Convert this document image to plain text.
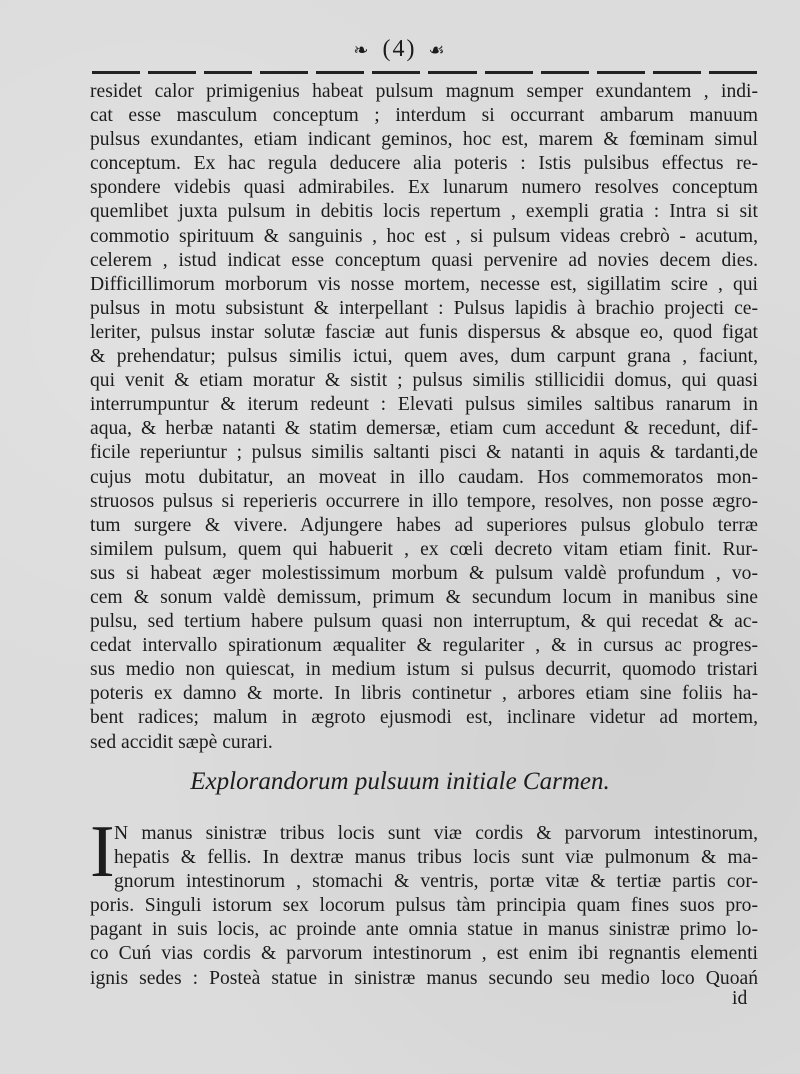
❧ (4) ☙
residet calor primigenius habeat pulsum magnum semper exundantem , indi-
cat esse masculum conceptum ; interdum si occurrant ambarum manuum
pulsus exundantes, etiam indicant geminos, hoc est, marem & fœminam simul
conceptum. Ex hac regula deducere alia poteris : Istis pulsibus effectus re-
spondere videbis quasi admirabiles. Ex lunarum numero resolves conceptum
quemlibet juxta pulsum in debitis locis repertum , exempli gratia : Intra si sit
commotio spirituum & sanguinis , hoc est , si pulsum videas crebrò - acutum,
celerem , istud indicat esse conceptum quasi pervenire ad novies decem dies.
Difficillimorum morborum vis nosse mortem, necesse est, sigillatim scire , qui
pulsus in motu subsistunt & interpellant : Pulsus lapidis à brachio projecti ce-
leriter, pulsus instar solutæ fasciæ aut funis dispersus & absque eo, quod figat
& prehendatur; pulsus similis ictui, quem aves, dum carpunt grana , faciunt,
qui venit & etiam moratur & sistit ; pulsus similis stillicidii domus, qui quasi
interrumpuntur & iterum redeunt : Elevati pulsus similes saltibus ranarum in
aqua, & herbæ natanti & statim demersæ, etiam cum accedunt & recedunt, dif-
ficile reperiuntur ; pulsus similis saltanti pisci & natanti in aquis & tardanti,de
cujus motu dubitatur, an moveat in illo caudam. Hos commemoratos mon-
struosos pulsus si reperieris occurrere in illo tempore, resolves, non posse ægro-
tum surgere & vivere. Adjungere habes ad superiores pulsus globulo terræ
similem pulsum, quem qui habuerit , ex cœli decreto vitam etiam finit. Rur-
sus si habeat æger molestissimum morbum & pulsum valdè profundum , vo-
cem & sonum valdè demissum, primum & secundum locum in manibus sine
pulsu, sed tertium habere pulsum quasi non interruptum, & qui recedat & ac-
cedat intervallo spirationum æqualiter & regulariter , & in cursus ac progres-
sus medio non quiescat, in medium istum si pulsus decurrit, quomodo tristari
poteris ex damno & morte. In libris continetur , arbores etiam sine foliis ha-
bent radices; malum in ægroto ejusmodi est, inclinare videtur ad mortem,
sed accidit sæpè curari.
Explorandorum pulsuum initiale Carmen.
I N manus sinistræ tribus locis sunt viæ cordis & parvorum intestinorum,
hepatis & fellis. In dextræ manus tribus locis sunt viæ pulmonum & ma-
gnorum intestinorum , stomachi & ventris, portæ vitæ & tertiæ partis cor-
poris. Singuli istorum sex locorum pulsus tàm principia quam fines suos pro-
pagant in suis locis, ac proinde ante omnia statue in manus sinistræ primo lo-
co Cuń vias cordis & parvorum intestinorum , est enim ibi regnantis elementi
ignis sedes : Posteà statue in sinistræ manus secundo seu medio loco Quoań
id
